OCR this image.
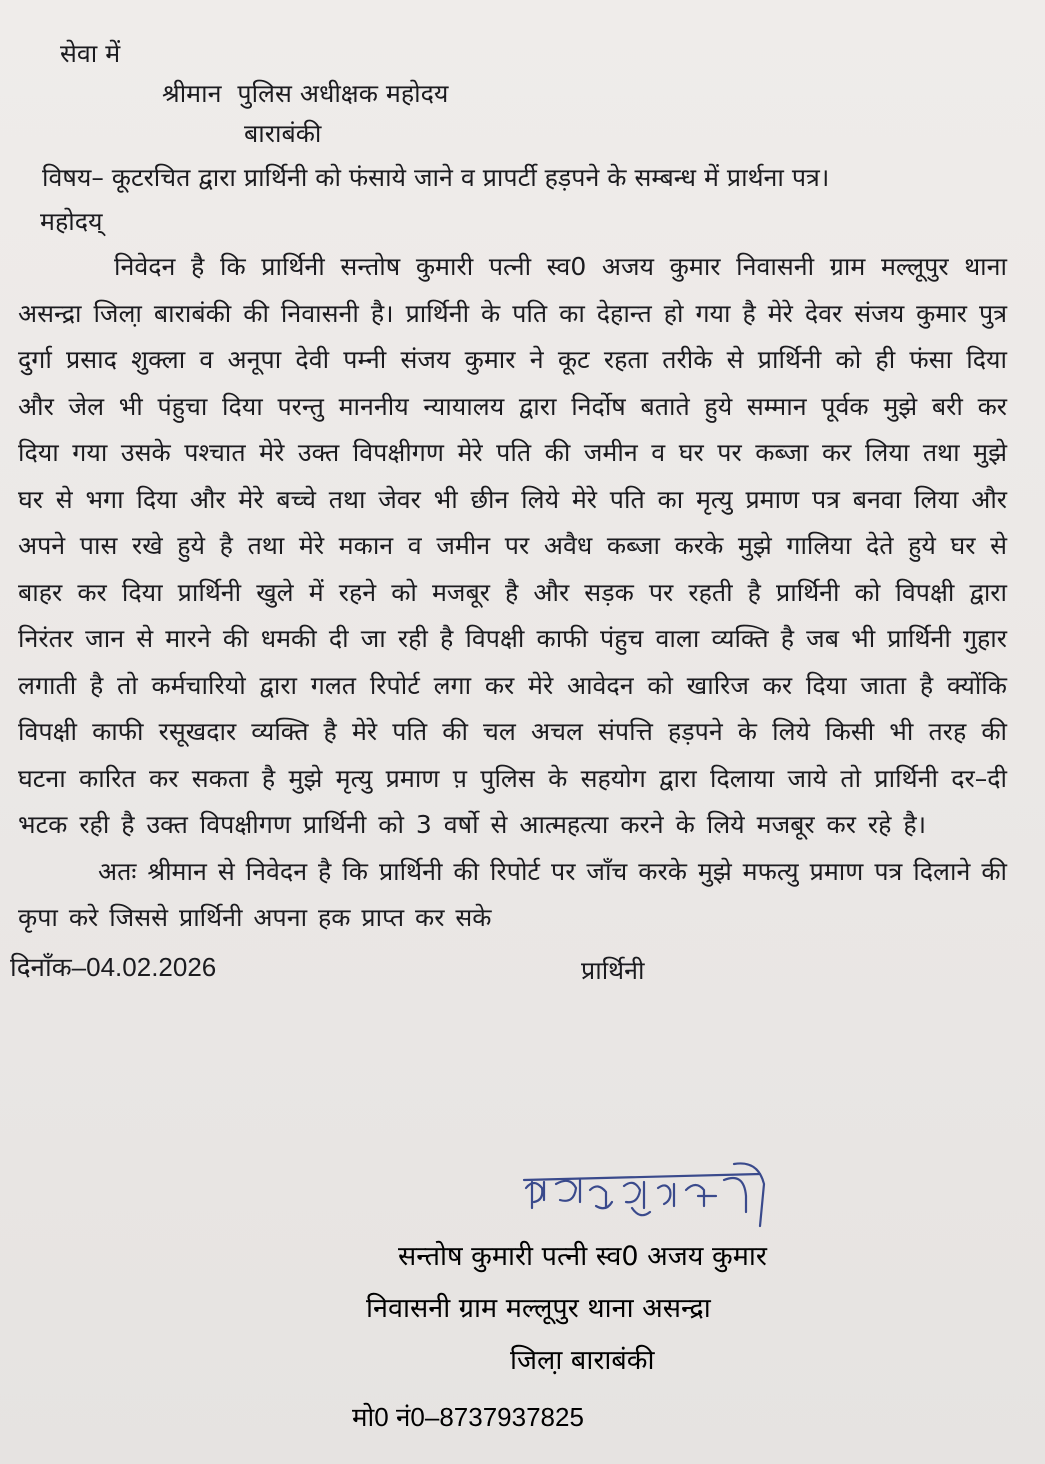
सेवा में
श्रीमान  पुलिस अधीक्षक महोदय
बाराबंकी
विषय– कूटरचित द्वारा प्रार्थिनी को फंसाये जाने व प्रापर्टी हड़पने के सम्बन्ध में प्रार्थना पत्र।
महोदय्
निवेदन है कि प्रार्थिनी सन्तोष कुमारी पत्नी स्व0 अजय कुमार निवासनी ग्राम मल्लूपुर थाना असन्द्रा जिला़ बाराबंकी की निवासनी है। प्रार्थिनी के पति का देहान्त हो गया है मेरे देवर संजय कुमार पुत्र दुर्गा प्रसाद शुक्ला व अनूपा देवी पम्नी संजय कुमार ने कूट रहता तरीके से प्रार्थिनी को ही फंसा दिया और जेल भी पंहुचा दिया परन्तु माननीय न्यायालय द्वारा निर्दोष बताते हुये सम्मान पूर्वक मुझे बरी कर दिया गया उसके पश्चात मेरे उक्त विपक्षीगण मेरे पति की जमीन व घर पर कब्जा कर लिया तथा मुझे घर से भगा दिया और मेरे बच्चे तथा जेवर भी छीन लिये मेरे पति का मृत्यु प्रमाण पत्र बनवा लिया और अपने पास रखे हुये है तथा मेरे मकान व जमीन पर अवैध कब्जा करके मुझे गालिया देते हुये घर से बाहर कर दिया प्रार्थिनी खुले में रहने को मजबूर है और सड़क पर रहती है प्रार्थिनी को विपक्षी द्वारा निरंतर जान से मारने की धमकी दी जा रही है विपक्षी काफी पंहुच वाला व्यक्ति है जब भी प्रार्थिनी गुहार लगाती है तो कर्मचारियो द्वारा गलत रिपोर्ट लगा कर मेरे आवेदन को खारिज कर दिया जाता है क्योंकि विपक्षी काफी रसूखदार व्यक्ति है मेरे पति की चल अचल संपत्ति हड़पने के लिये किसी भी तरह की घटना कारित कर सकता है मुझे मृत्यु प्रमाण प़ पुलिस के सहयोग द्वारा दिलाया जाये तो प्रार्थिनी दर–दी भटक रही है उक्त विपक्षीगण प्रार्थिनी को 3 वर्षो से आत्महत्या करने के लिये मजबूर कर रहे है।
अतः श्रीमान से निवेदन है कि प्रार्थिनी की रिपोर्ट पर जाँच करके मुझे मफत्यु प्रमाण पत्र दिलाने की कृपा करे जिससे प्रार्थिनी अपना हक प्राप्त कर सके
दिनाँक–04.02.2026	प्रार्थिनी
सन्तोष कुमारी पत्नी स्व0 अजय कुमार
निवासनी ग्राम मल्लूपुर थाना असन्द्रा
जिला़ बाराबंकी
मो0 नं0–8737937825
